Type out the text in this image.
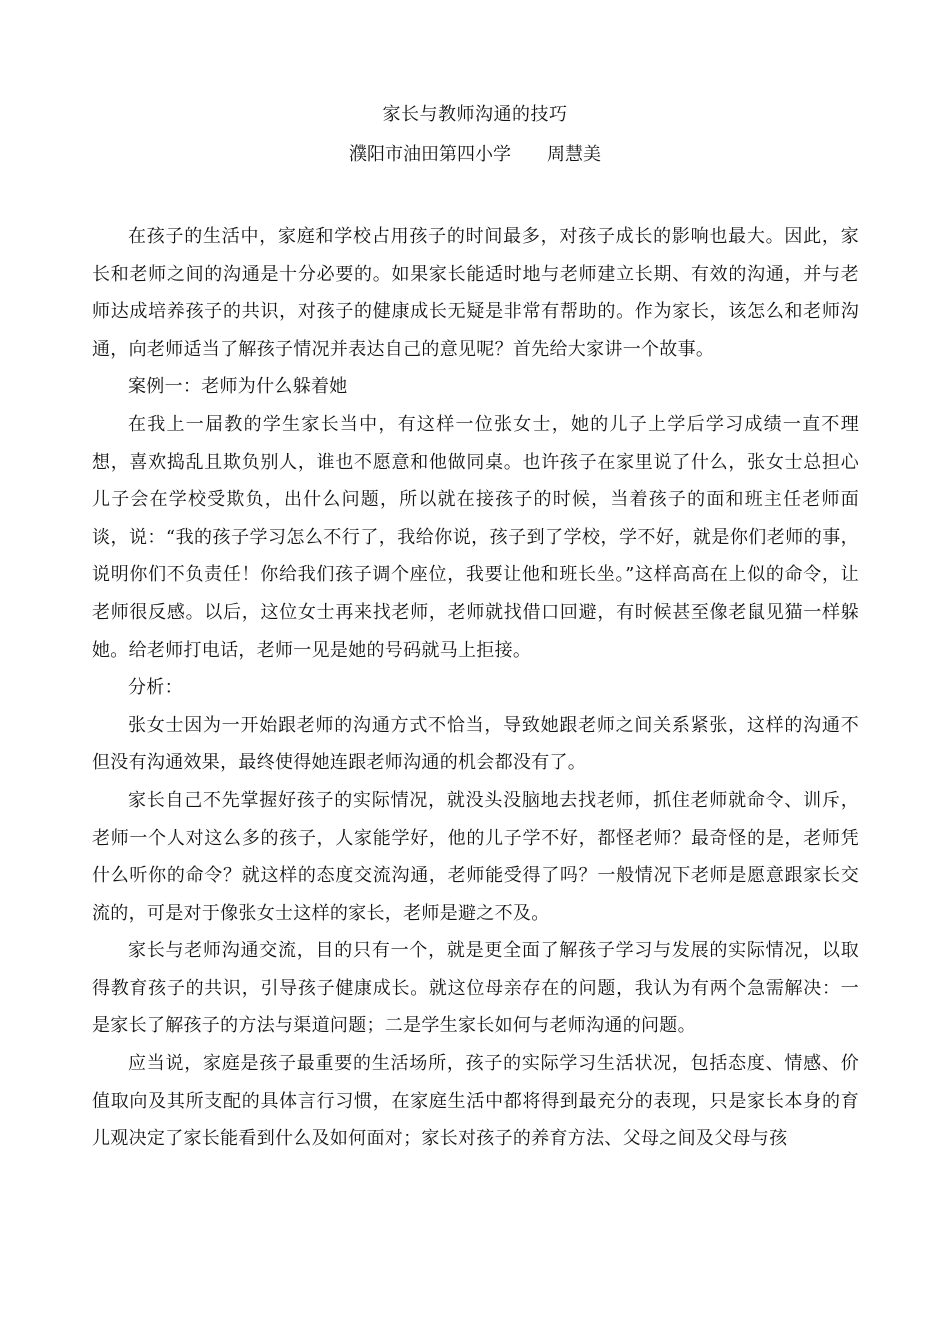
家长与教师沟通的技巧
濮阳市油田第四小学 周慧美

在孩子的生活中，家庭和学校占用孩子的时间最多，对孩子成长的影响也最大。因此，家长和老师之间的沟通是十分必要的。如果家长能适时地与老师建立长期、有效的沟通，并与老师达成培养孩子的共识，对孩子的健康成长无疑是非常有帮助的。作为家长，该怎么和老师沟通，向老师适当了解孩子情况并表达自己的意见呢？首先给大家讲一个故事。

案例一：老师为什么躲着她

在我上一届教的学生家长当中，有这样一位张女士，她的儿子上学后学习成绩一直不理想，喜欢捣乱且欺负别人，谁也不愿意和他做同桌。也许孩子在家里说了什么，张女士总担心儿子会在学校受欺负，出什么问题，所以就在接孩子的时候，当着孩子的面和班主任老师面谈，说：“我的孩子学习怎么不行了，我给你说，孩子到了学校，学不好，就是你们老师的事，说明你们不负责任！你给我们孩子调个座位，我要让他和班长坐。”这样高高在上似的命令，让老师很反感。以后，这位女士再来找老师，老师就找借口回避，有时候甚至像老鼠见猫一样躲她。给老师打电话，老师一见是她的号码就马上拒接。

分析：

张女士因为一开始跟老师的沟通方式不恰当，导致她跟老师之间关系紧张，这样的沟通不但没有沟通效果，最终使得她连跟老师沟通的机会都没有了。

家长自己不先掌握好孩子的实际情况，就没头没脑地去找老师，抓住老师就命令、训斥，老师一个人对这么多的孩子，人家能学好，他的儿子学不好，都怪老师？最奇怪的是，老师凭什么听你的命令？就这样的态度交流沟通，老师能受得了吗？一般情况下老师是愿意跟家长交流的，可是对于像张女士这样的家长，老师是避之不及。

家长与老师沟通交流，目的只有一个，就是更全面了解孩子学习与发展的实际情况，以取得教育孩子的共识，引导孩子健康成长。就这位母亲存在的问题，我认为有两个急需解决：一是家长了解孩子的方法与渠道问题；二是学生家长如何与老师沟通的问题。

应当说，家庭是孩子最重要的生活场所，孩子的实际学习生活状况，包括态度、情感、价值取向及其所支配的具体言行习惯，在家庭生活中都将得到最充分的表现，只是家长本身的育儿观决定了家长能看到什么及如何面对；家长对孩子的养育方法、父母之间及父母与孩
